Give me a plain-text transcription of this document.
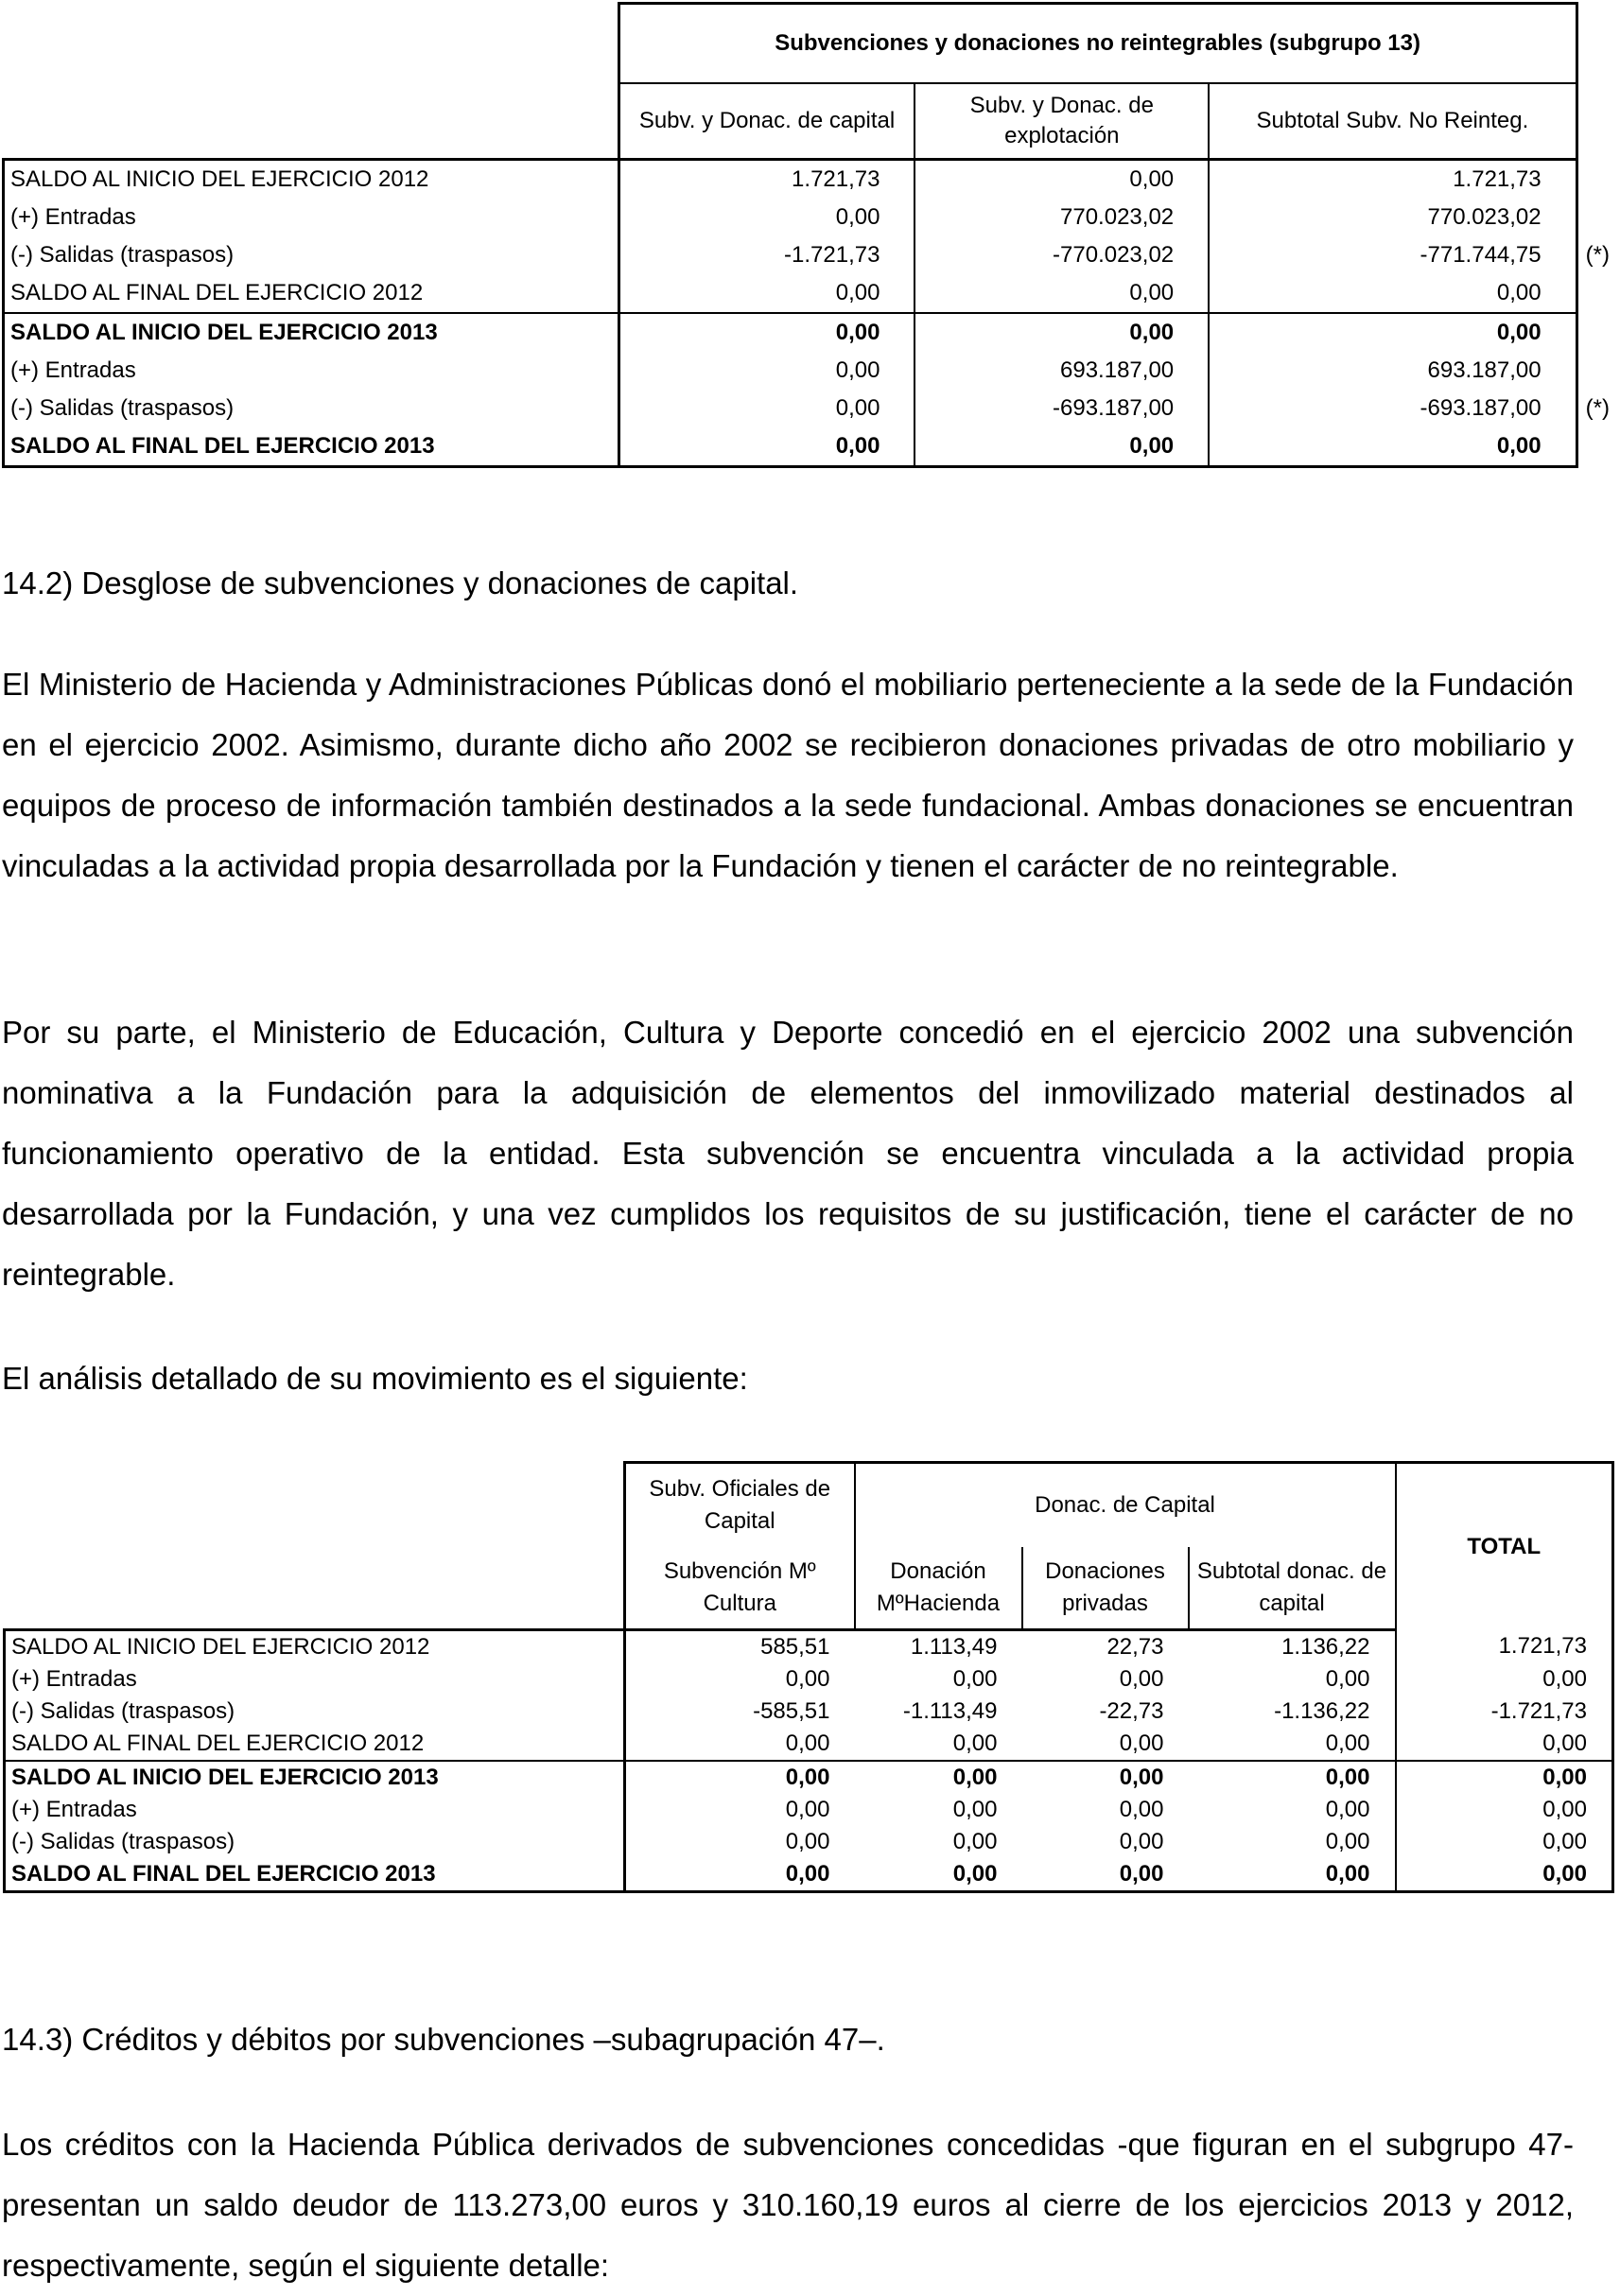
	Subvenciones y donaciones no reintegrables (subgrupo 13)			
	Subv. y Donac. de capital	Subv. y Donac. de explotación	Subtotal Subv. No Reinteg.	
SALDO AL INICIO DEL EJERCICIO 2012	1.721,73	0,00	1.721,73	
(+) Entradas	0,00	770.023,02	770.023,02	
(-) Salidas (traspasos)	-1.721,73	-770.023,02	-771.744,75	(*)
SALDO AL FINAL DEL EJERCICIO 2012	0,00	0,00	0,00	
SALDO AL INICIO DEL EJERCICIO 2013	0,00	0,00	0,00	
(+) Entradas	0,00	693.187,00	693.187,00	
(-) Salidas (traspasos)	0,00	-693.187,00	-693.187,00	(*)
SALDO AL FINAL DEL EJERCICIO 2013	0,00	0,00	0,00	
14.2) Desglose de subvenciones y donaciones de capital.

El Ministerio de Hacienda y Administraciones Públicas donó el mobiliario perteneciente a la sede de la Fundación en el ejercicio 2002. Asimismo, durante dicho año 2002 se recibieron donaciones privadas de otro mobiliario y equipos de proceso de información también destinados a la sede fundacional. Ambas donaciones se encuentran vinculadas a la actividad propia desarrollada por la Fundación y tienen el carácter de no reintegrable.

Por su parte, el Ministerio de Educación, Cultura y Deporte concedió en el ejercicio 2002 una subvención nominativa a la Fundación para la adquisición de elementos del inmovilizado material destinados al funcionamiento operativo de la entidad. Esta subvención se encuentra vinculada a la actividad propia desarrollada por la Fundación, y una vez cumplidos los requisitos de su justificación, tiene el carácter de no reintegrable.

El análisis detallado de su movimiento es el siguiente:

	Subv. Oficiales de Capital	Donac. de Capital			TOTAL
	Subvención Mº Cultura	Donación MºHacienda	Donaciones privadas	Subtotal donac. de capital	
SALDO AL INICIO DEL EJERCICIO 2012	585,51	1.113,49	22,73	1.136,22	1.721,73
(+) Entradas	0,00	0,00	0,00	0,00	0,00
(-) Salidas (traspasos)	-585,51	-1.113,49	-22,73	-1.136,22	-1.721,73
SALDO AL FINAL DEL EJERCICIO 2012	0,00	0,00	0,00	0,00	0,00
SALDO AL INICIO DEL EJERCICIO 2013	0,00	0,00	0,00	0,00	0,00
(+) Entradas	0,00	0,00	0,00	0,00	0,00
(-) Salidas (traspasos)	0,00	0,00	0,00	0,00	0,00
SALDO AL FINAL DEL EJERCICIO 2013	0,00	0,00	0,00	0,00	0,00
14.3) Créditos y débitos por subvenciones –subagrupación 47–.

Los créditos con la Hacienda Pública derivados de subvenciones concedidas -que figuran en el subgrupo 47- presentan un saldo deudor de 113.273,00 euros y 310.160,19 euros al cierre de los ejercicios 2013 y 2012, respectivamente, según el siguiente detalle:
